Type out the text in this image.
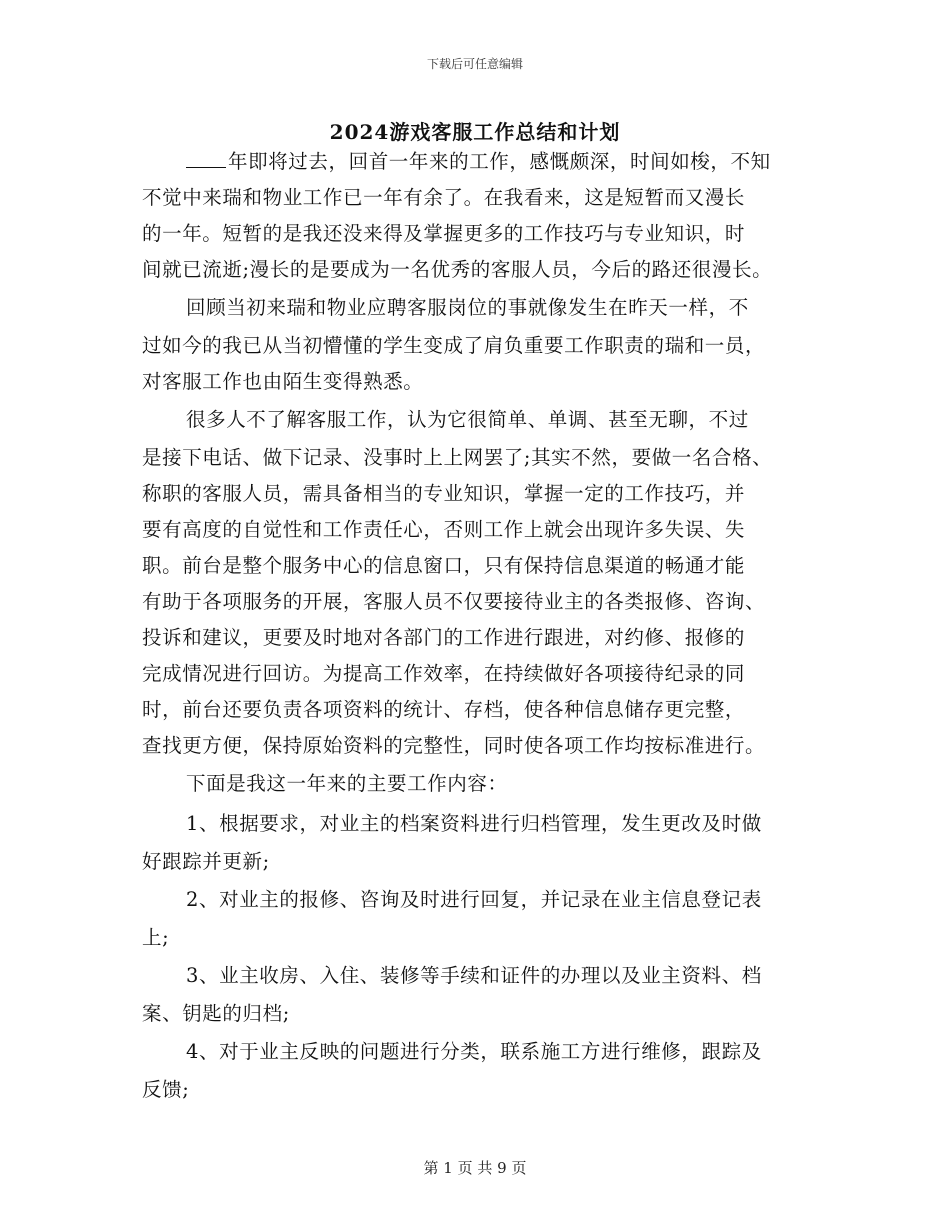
下载后可任意编辑
2024游戏客服工作总结和计划
年即将过去，回首一年来的工作，感慨颇深，时间如梭，不知
不觉中来瑞和物业工作已一年有余了。在我看来，这是短暂而又漫长
的一年。短暂的是我还没来得及掌握更多的工作技巧与专业知识，时
间就已流逝;漫长的是要成为一名优秀的客服人员，今后的路还很漫长。
回顾当初来瑞和物业应聘客服岗位的事就像发生在昨天一样，不
过如今的我已从当初懵懂的学生变成了肩负重要工作职责的瑞和一员，
对客服工作也由陌生变得熟悉。
很多人不了解客服工作，认为它很简单、单调、甚至无聊，不过
是接下电话、做下记录、没事时上上网罢了;其实不然，要做一名合格、
称职的客服人员，需具备相当的专业知识，掌握一定的工作技巧，并
要有高度的自觉性和工作责任心，否则工作上就会出现许多失误、失
职。前台是整个服务中心的信息窗口，只有保持信息渠道的畅通才能
有助于各项服务的开展，客服人员不仅要接待业主的各类报修、咨询、
投诉和建议，更要及时地对各部门的工作进行跟进，对约修、报修的
完成情况进行回访。为提高工作效率，在持续做好各项接待纪录的同
时，前台还要负责各项资料的统计、存档，使各种信息储存更完整，
查找更方便，保持原始资料的完整性，同时使各项工作均按标准进行。
下面是我这一年来的主要工作内容：
1、根据要求，对业主的档案资料进行归档管理，发生更改及时做
好跟踪并更新;
2、对业主的报修、咨询及时进行回复，并记录在业主信息登记表
上;
3、业主收房、入住、装修等手续和证件的办理以及业主资料、档
案、钥匙的归档;
4、对于业主反映的问题进行分类，联系施工方进行维修，跟踪及
反馈;
第 1 页 共 9 页
